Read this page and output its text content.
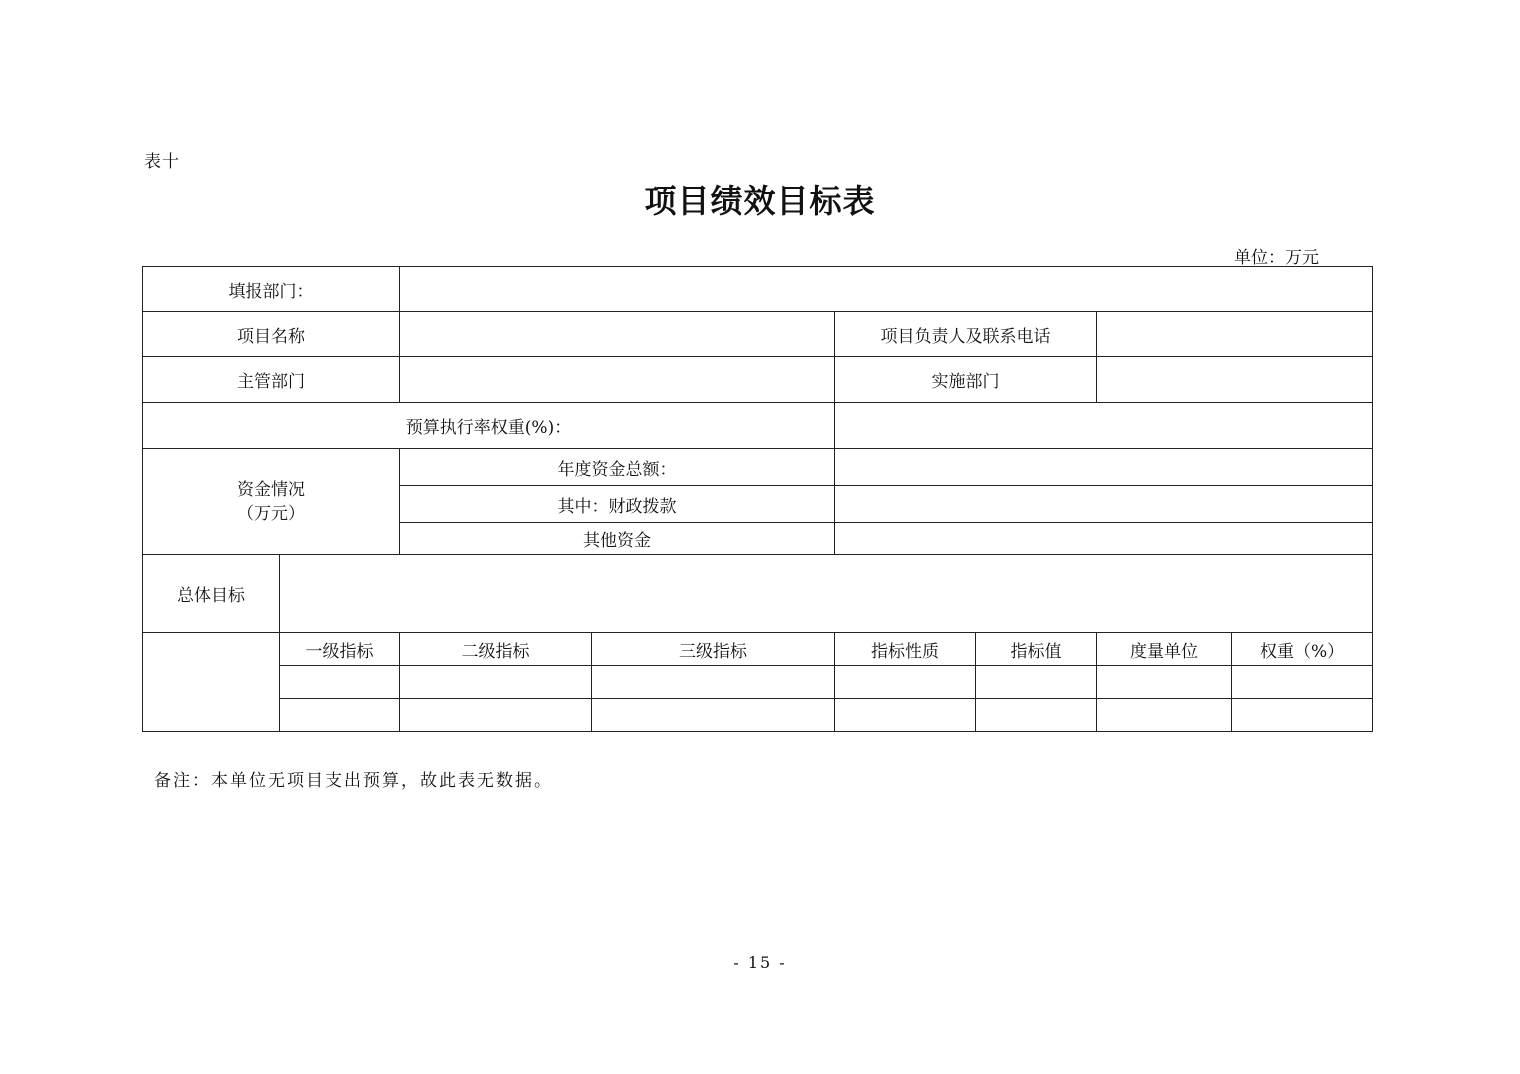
表十
项目绩效目标表
单位：万元
填报部门：							
项目名称				项目负责人及联系电话			
主管部门				实施部门			
预算执行率权重(%)：							

资金情况
（万元）		年度资金总额：					
		其中：财政拨款					
		其他资金					
总体目标							
	一级指标	二级指标	三级指标	指标性质	指标值	度量单位	权重（%）

备注：本单位无项目支出预算，故此表无数据。
- 15 -
